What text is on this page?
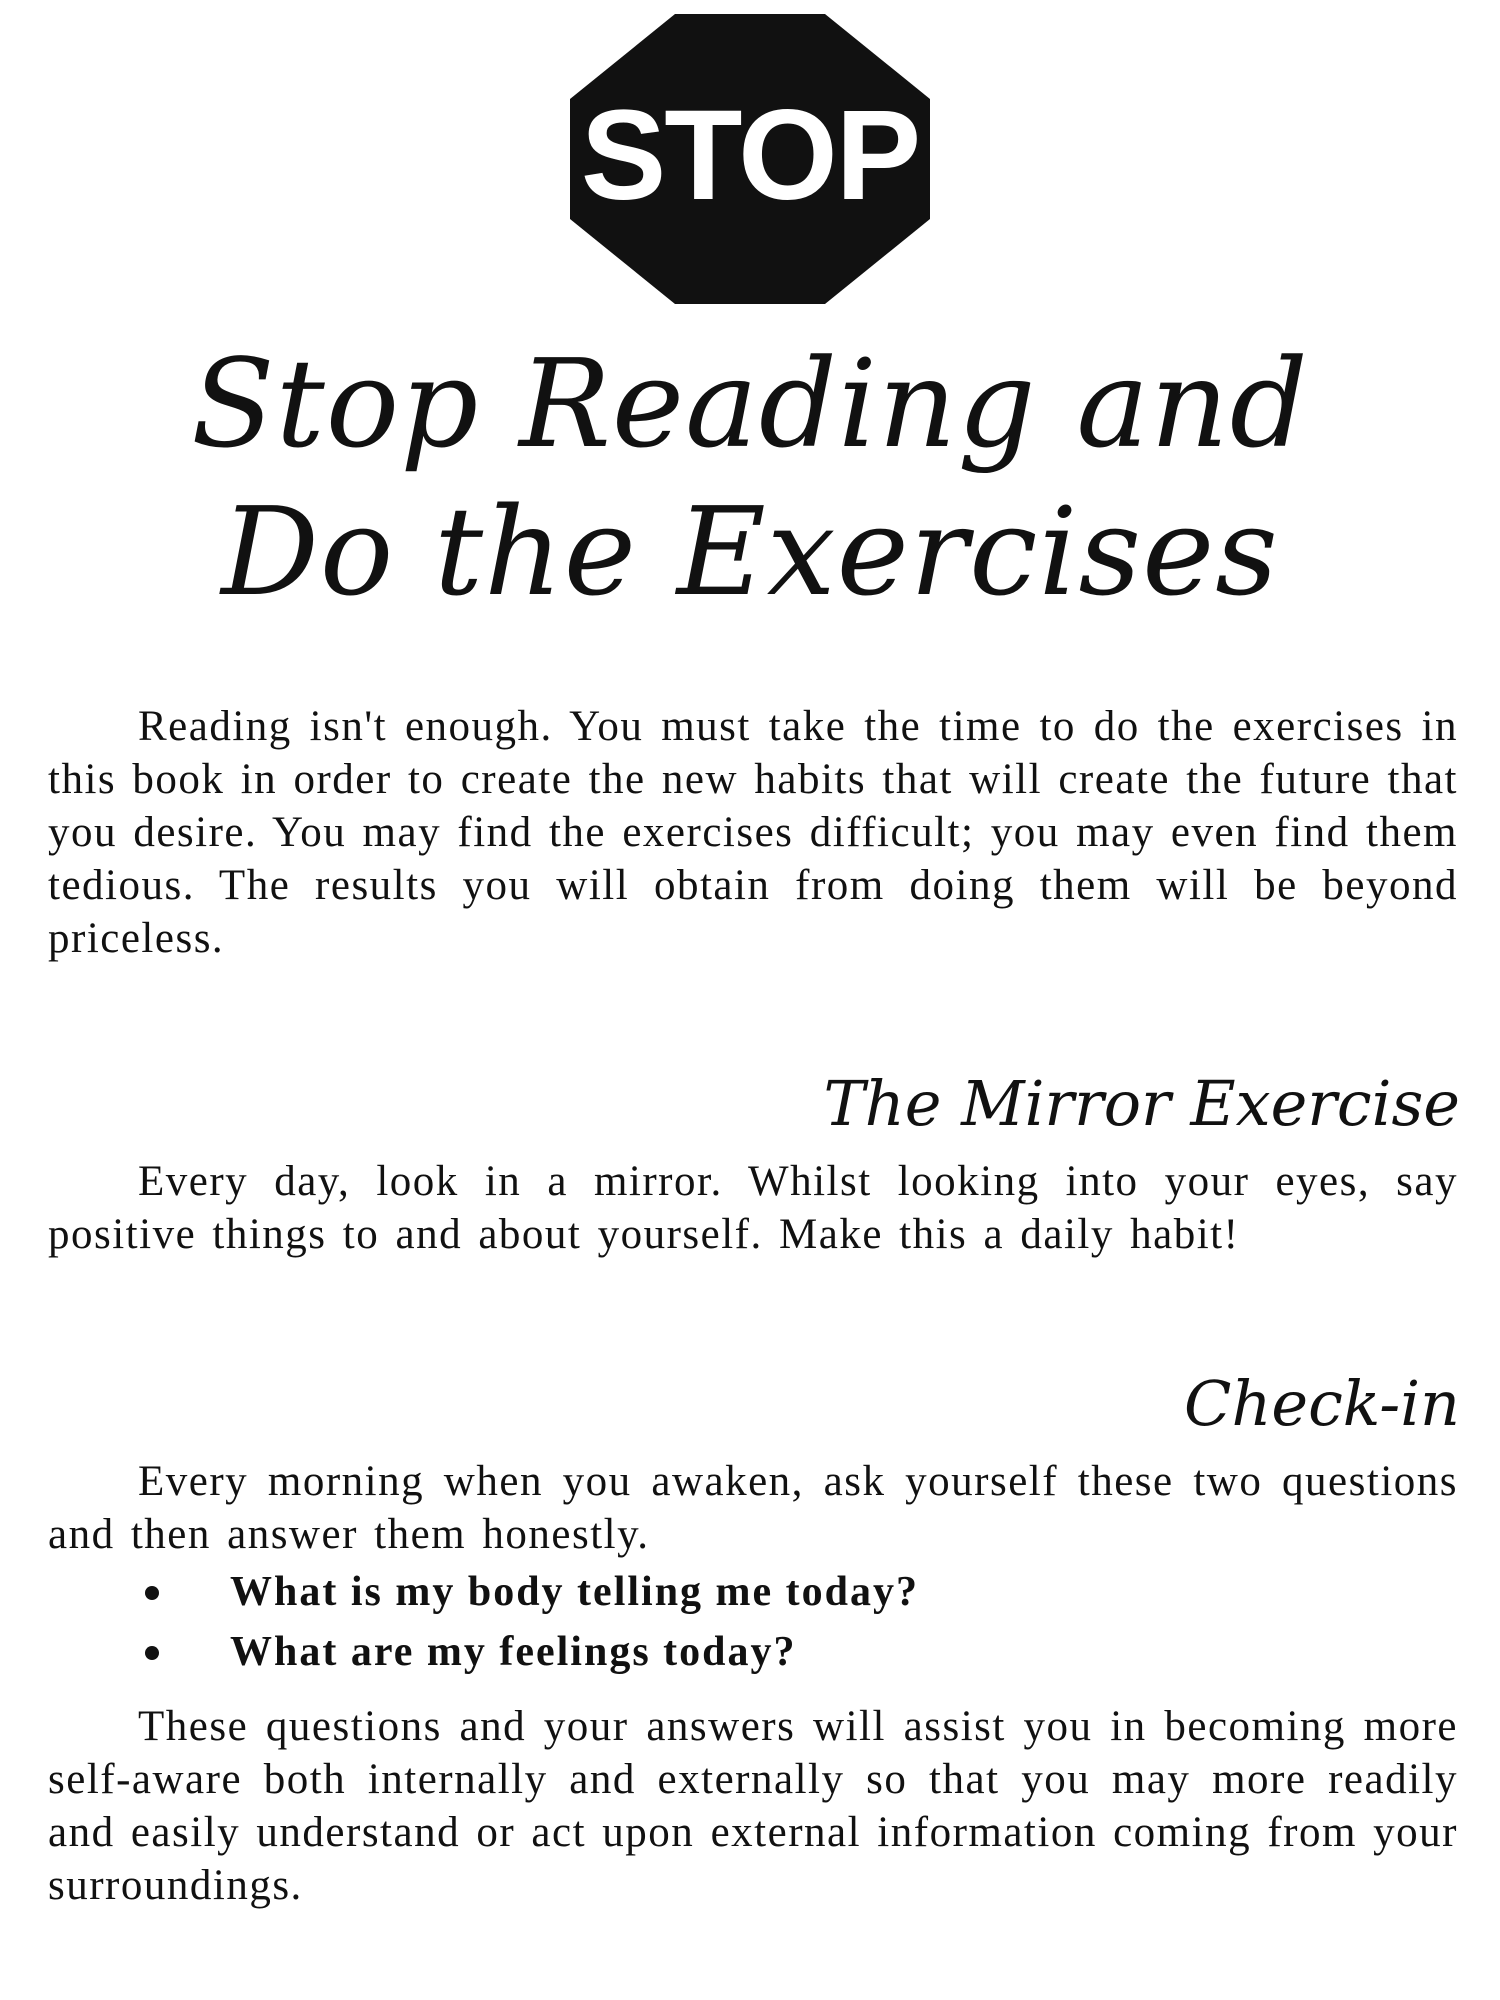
STOP
Stop Reading and
Do the Exercises

Reading isn't enough. You must take the time to do the exercises in this book in order to create the new habits that will create the future that you desire. You may find the exercises difficult; you may even find them tedious. The results you will obtain from doing them will be beyond priceless.

The Mirror Exercise

Every day, look in a mirror. Whilst looking into your eyes, say positive things to and about yourself. Make this a daily habit!

Check-in

Every morning when you awaken, ask yourself these two questions and then answer them honestly.

What is my body telling me today?
What are my feelings today?

These questions and your answers will assist you in becoming more self-aware both internally and externally so that you may more readily and easily understand or act upon external information coming from your surroundings.
